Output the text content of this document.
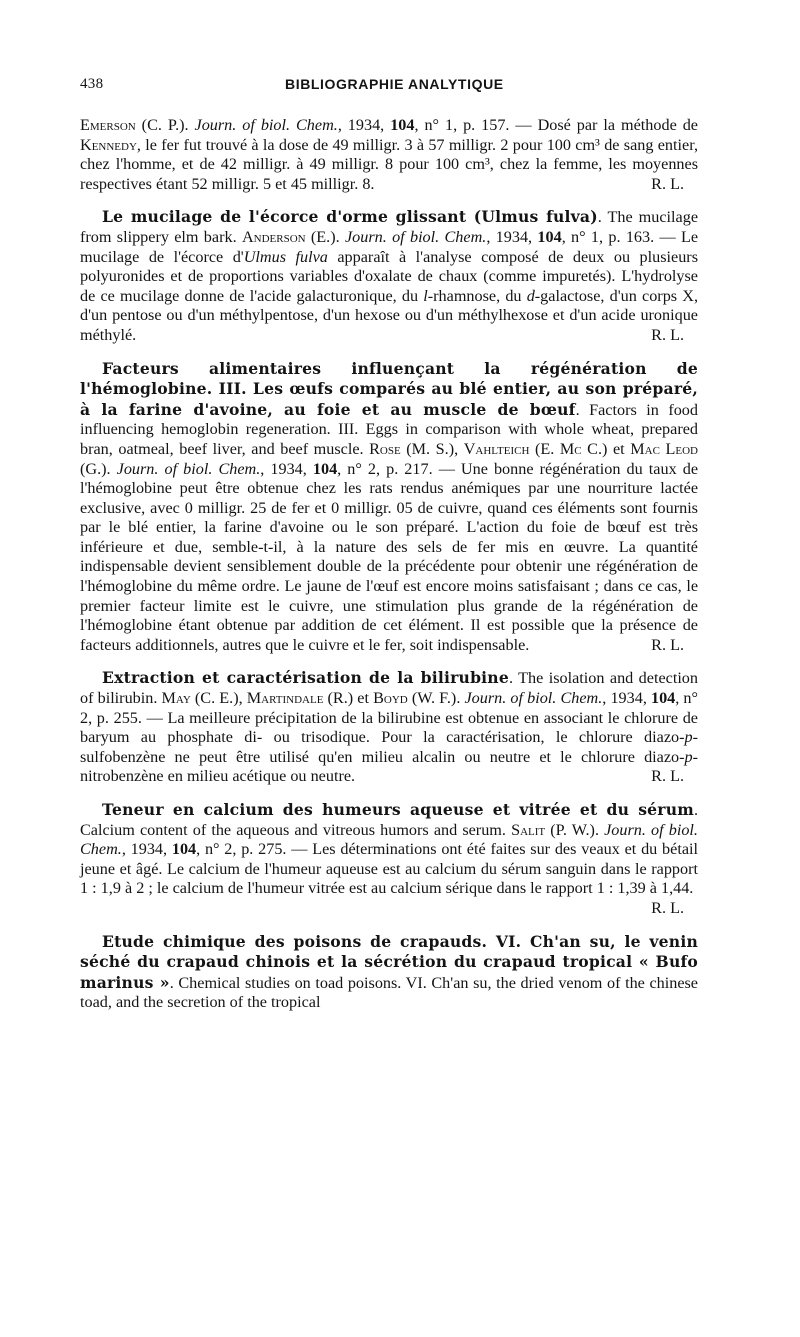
438	BIBLIOGRAPHIE ANALYTIQUE

Emerson (C. P.). Journ. of biol. Chem., 1934, 104, n° 1, p. 157. — Dosé par la méthode de Kennedy, le fer fut trouvé à la dose de 49 milligr. 3 à 57 milligr. 2 pour 100 cm³ de sang entier, chez l'homme, et de 42 milligr. à 49 milligr. 8 pour 100 cm³, chez la femme, les moyennes respectives étant 52 milligr. 5 et 45 milligr. 8.	R. L.

Le mucilage de l'écorce d'orme glissant (Ulmus fulva). The mucilage from slippery elm bark. Anderson (E.). Journ. of biol. Chem., 1934, 104, n° 1, p. 163. — Le mucilage de l'écorce d'Ulmus fulva apparaît à l'analyse composé de deux ou plusieurs polyuronides et de proportions variables d'oxalate de chaux (comme impuretés). L'hydrolyse de ce mucilage donne de l'acide galacturonique, du l-rhamnose, du d-galactose, d'un corps X, d'un pentose ou d'un méthylpentose, d'un hexose ou d'un méthylhexose et d'un acide uronique méthylé.	R. L.

Facteurs alimentaires influençant la régénération de l'hémoglobine. III. Les œufs comparés au blé entier, au son préparé, à la farine d'avoine, au foie et au muscle de bœuf. Factors in food influencing hemoglobin regeneration. III. Eggs in comparison with whole wheat, prepared bran, oatmeal, beef liver, and beef muscle. Rose (M. S.), Vahlteich (E. Mc C.) et Mac Leod (G.). Journ. of biol. Chem., 1934, 104, n° 2, p. 217. — Une bonne régénération du taux de l'hémoglobine peut être obtenue chez les rats rendus anémiques par une nourriture lactée exclusive, avec 0 milligr. 25 de fer et 0 milligr. 05 de cuivre, quand ces éléments sont fournis par le blé entier, la farine d'avoine ou le son préparé. L'action du foie de bœuf est très inférieure et due, semble-t-il, à la nature des sels de fer mis en œuvre. La quantité indispensable devient sensiblement double de la précédente pour obtenir une régénération de l'hémoglobine du même ordre. Le jaune de l'œuf est encore moins satisfaisant ; dans ce cas, le premier facteur limite est le cuivre, une stimulation plus grande de la régénération de l'hémoglobine étant obtenue par addition de cet élément. Il est possible que la présence de facteurs additionnels, autres que le cuivre et le fer, soit indispensable.	R. L.

Extraction et caractérisation de la bilirubine. The isolation and detection of bilirubin. May (C. E.), Martindale (R.) et Boyd (W. F.). Journ. of biol. Chem., 1934, 104, n° 2, p. 255. — La meilleure précipitation de la bilirubine est obtenue en associant le chlorure de baryum au phosphate di- ou trisodique. Pour la caractérisation, le chlorure diazo-p-sulfobenzène ne peut être utilisé qu'en milieu alcalin ou neutre et le chlorure diazo-p-nitrobenzène en milieu acétique ou neutre.	R. L.

Teneur en calcium des humeurs aqueuse et vitrée et du sérum. Calcium content of the aqueous and vitreous humors and serum. Salit (P. W.). Journ. of biol. Chem., 1934, 104, n° 2, p. 275. — Les déterminations ont été faites sur des veaux et du bétail jeune et âgé. Le calcium de l'humeur aqueuse est au calcium du sérum sanguin dans le rapport 1 : 1,9 à 2 ; le calcium de l'humeur vitrée est au calcium sérique dans le rapport 1 : 1,39 à 1,44.
R. L.

Etude chimique des poisons de crapauds. VI. Ch'an su, le venin séché du crapaud chinois et la sécrétion du crapaud tropical « Bufo marinus ». Chemical studies on toad poisons. VI. Ch'an su, the dried venom of the chinese toad, and the secretion of the tropical
